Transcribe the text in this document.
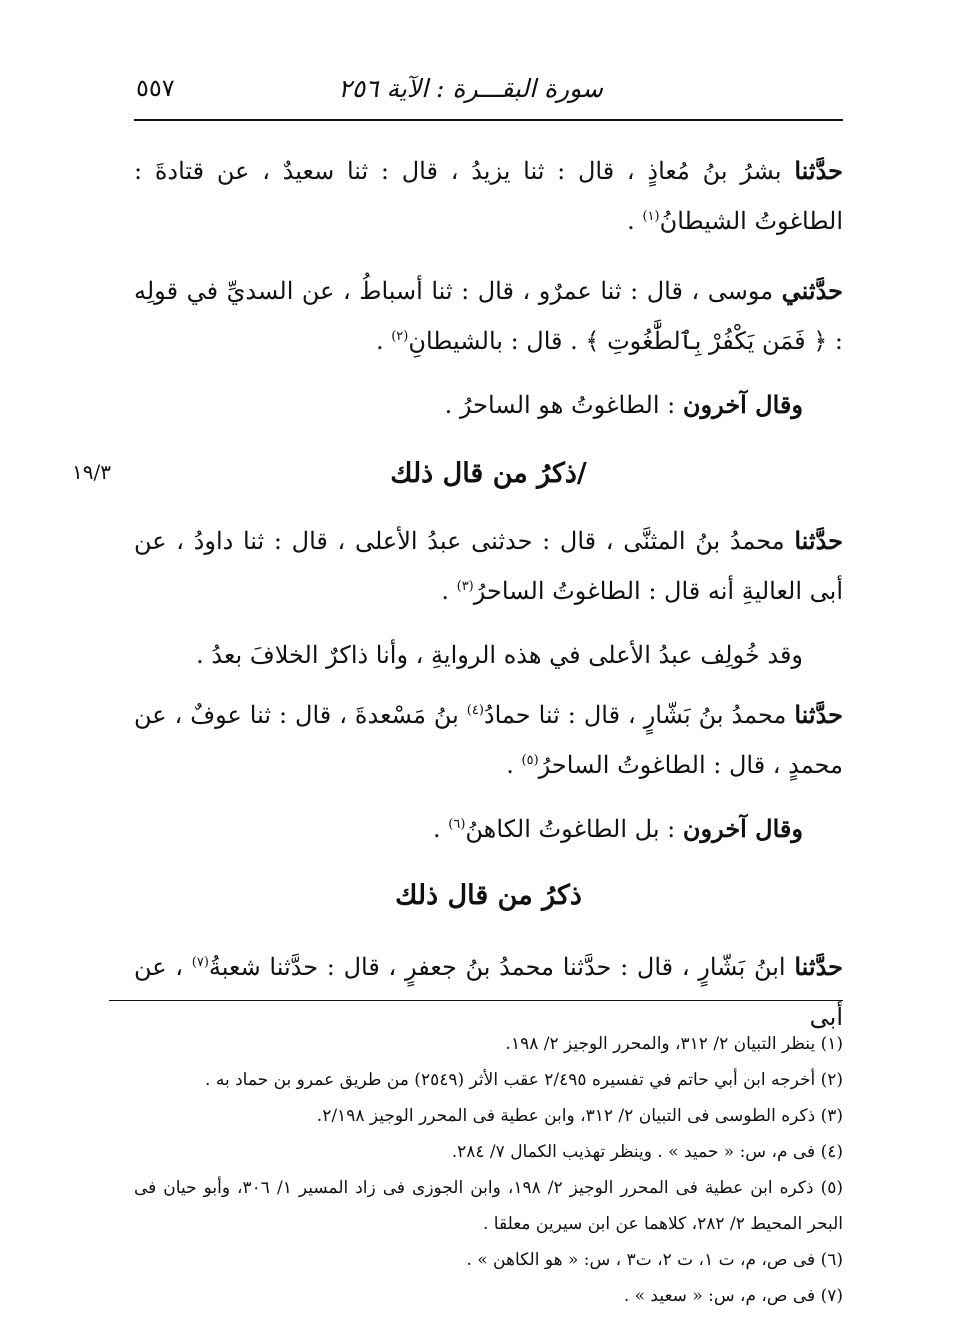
سورة البقـــرة : الآية ٢٥٦
٥٥٧
حدَّثنا بشرُ بنُ مُعاذٍ ، قال : ثنا يزيدُ ، قال : ثنا سعيدٌ ، عن قتادةَ : الطاغوتُ الشيطانُ$^{(١)}$ .
حدَّثني موسى ، قال : ثنا عمرٌو ، قال : ثنا أسباطُ ، عن السديِّ في قولِه : ﴿ فَمَن يَكْفُرْ بِٱلطَّٰغُوتِ ﴾ . قال : بالشيطانِ$^{(٢)}$ .
وقال آخرون : الطاغوتُ هو الساحرُ .
/ذكرُ من قال ذلك
١٩/٣
حدَّثنا محمدُ بنُ المثنَّى ، قال : حدثنى عبدُ الأعلى ، قال : ثنا داودُ ، عن أبى العاليةِ أنه قال : الطاغوتُ الساحرُ$^{(٣)}$ .
وقد خُولِف عبدُ الأعلى في هذه الروايةِ ، وأنا ذاكرٌ الخلافَ بعدُ .
حدَّثنا محمدُ بنُ بَشّارٍ ، قال : ثنا حمادُ$^{(٤)}$ بنُ مَسْعدةَ ، قال : ثنا عوفٌ ، عن محمدٍ ، قال : الطاغوتُ الساحرُ$^{(٥)}$ .
وقال آخرون : بل الطاغوتُ الكاهنُ$^{(٦)}$ .
ذكرُ من قال ذلك
حدَّثنا ابنُ بَشّارٍ ، قال : حدَّثنا محمدُ بنُ جعفرٍ ، قال : حدَّثنا شعبةُ$^{(٧)}$ ، عن أبى
(١) ينظر التبيان ٢/ ٣١٢، والمحرر الوجيز ٢/ ١٩٨.
(٢) أخرجه ابن أبي حاتم في تفسيره ٢/٤٩٥ عقب الأثر (٢٥٤٩) من طريق عمرو بن حماد به .
(٣) ذكره الطوسى فى التبيان ٢/ ٣١٢، وابن عطية فى المحرر الوجيز ٢/١٩٨.
(٤) فى م، س: « حميد » . وينظر تهذيب الكمال ٧/ ٢٨٤.
(٥) ذكره ابن عطية فى المحرر الوجيز ٢/ ١٩٨، وابن الجوزى فى زاد المسير ١/ ٣٠٦، وأبو حيان فى البحر المحيط ٢/ ٢٨٢، كلاهما عن ابن سيرين معلقا .
(٦) فى ص، م، ت ١، ت ٢، ت٣ ، س: « هو الكاهن » .
(٧) فى ص، م، س: « سعيد » .
